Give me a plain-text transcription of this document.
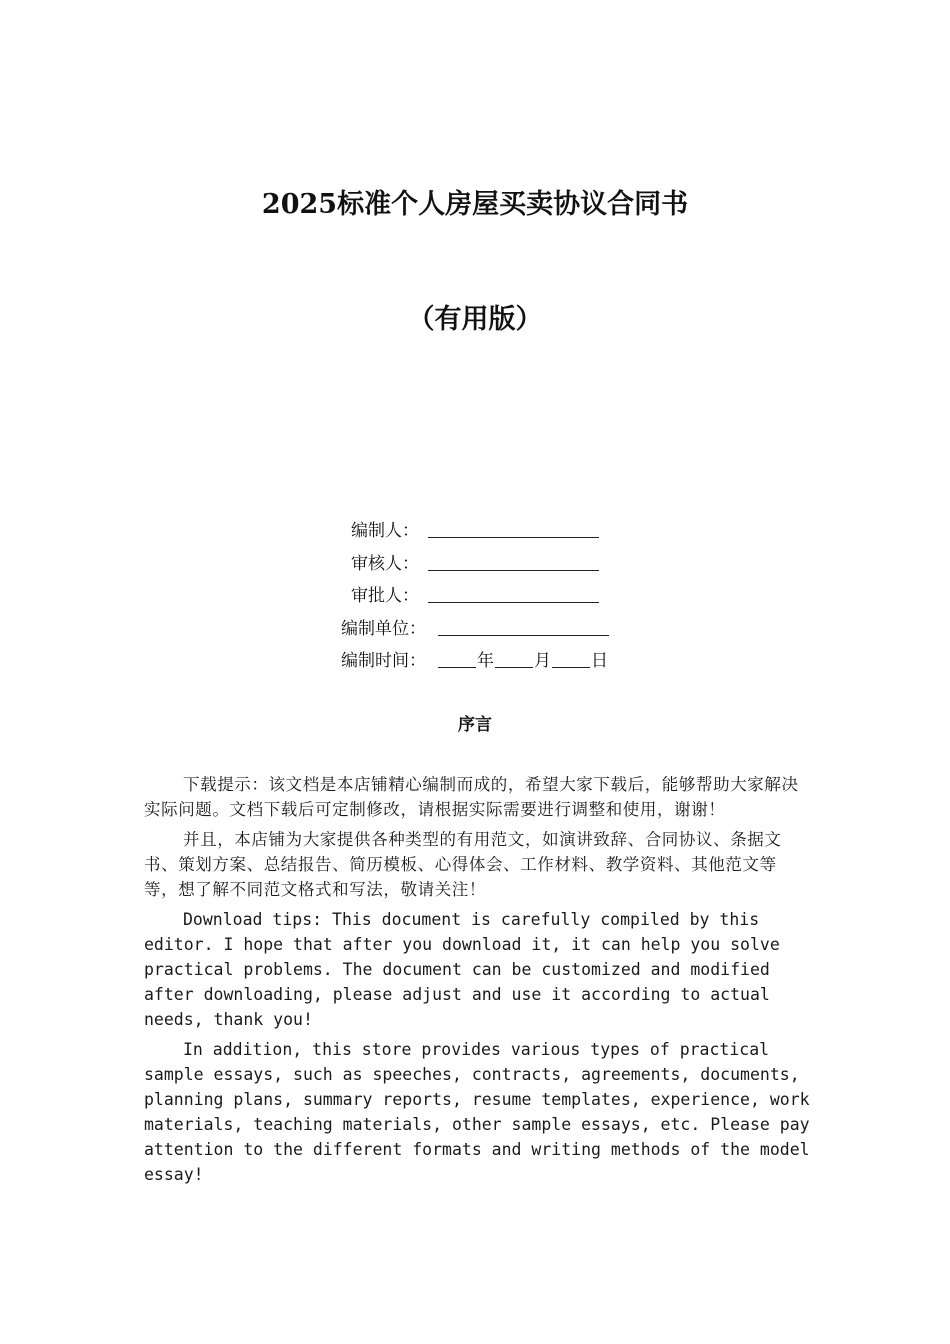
2025标准个人房屋买卖协议合同书
（有用版）
编制人：
审核人：
审批人：
编制单位：
编制时间：	年 月 日
序言

下载提示：该文档是本店铺精心编制而成的，希望大家下载后，能够帮助大家解决实际问题。文档下载后可定制修改，请根据实际需要进行调整和使用，谢谢！

并且，本店铺为大家提供各种类型的有用范文，如演讲致辞、合同协议、条据文书、策划方案、总结报告、简历模板、心得体会、工作材料、教学资料、其他范文等等，想了解不同范文格式和写法，敬请关注！

Download tips: This document is carefully compiled by this editor. I hope that after you download it, it can help you solve practical problems. The document can be customized and modified after downloading, please adjust and use it according to actual needs, thank you!

In addition, this store provides various types of practical sample essays, such as speeches, contracts, agreements, documents, planning plans, summary reports, resume templates, experience, work materials, teaching materials, other sample essays, etc. Please pay attention to the different formats and writing methods of the model essay!
